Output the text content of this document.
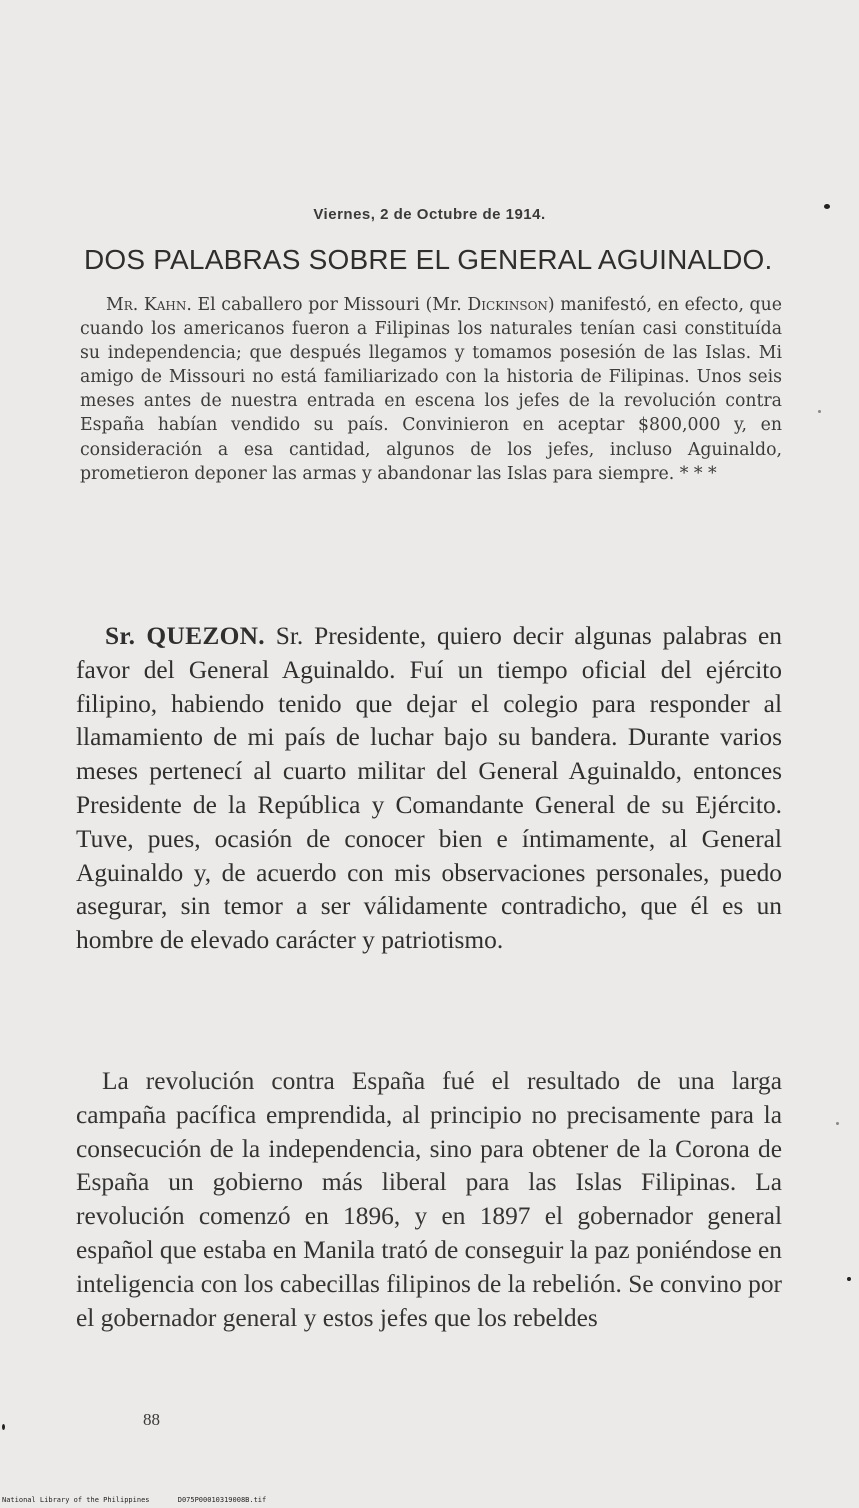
Viernes, 2 de Octubre de 1914.
DOS PALABRAS SOBRE EL GENERAL AGUINALDO.

Mr. Kahn. El caballero por Missouri (Mr. Dickinson) manifestó, en efecto, que cuando los americanos fueron a Filipinas los naturales tenían casi constituída su independencia; que después llegamos y tomamos posesión de las Islas. Mi amigo de Missouri no está familiarizado con la historia de Filipinas. Unos seis meses antes de nuestra entrada en escena los jefes de la revolución contra España habían vendido su país. Convinieron en aceptar $800,000 y, en consideración a esa cantidad, algunos de los jefes, incluso Aguinaldo, prometieron deponer las armas y abandonar las Islas para siempre. * * *

Sr. QUEZON. Sr. Presidente, quiero decir algunas palabras en favor del General Aguinaldo. Fuí un tiempo oficial del ejército filipino, habiendo tenido que dejar el colegio para responder al llamamiento de mi país de luchar bajo su bandera. Durante varios meses pertenecí al cuarto militar del General Aguinaldo, entonces Presidente de la República y Comandante General de su Ejército. Tuve, pues, ocasión de conocer bien e íntimamente, al General Aguinaldo y, de acuerdo con mis observaciones personales, puedo asegurar, sin temor a ser válidamente contradicho, que él es un hombre de elevado carácter y patriotismo.

La revolución contra España fué el resultado de una larga campaña pacífica emprendida, al principio no precisamente para la consecución de la independencia, sino para obtener de la Corona de España un gobierno más liberal para las Islas Filipinas. La revolución comenzó en 1896, y en 1897 el gobernador general español que estaba en Manila trató de conseguir la paz poniéndose en inteligencia con los cabecillas filipinos de la rebelión. Se convino por el gobernador general y estos jefes que los rebeldes

88
National Library of the Philippines	D075P00010319008B.tif
